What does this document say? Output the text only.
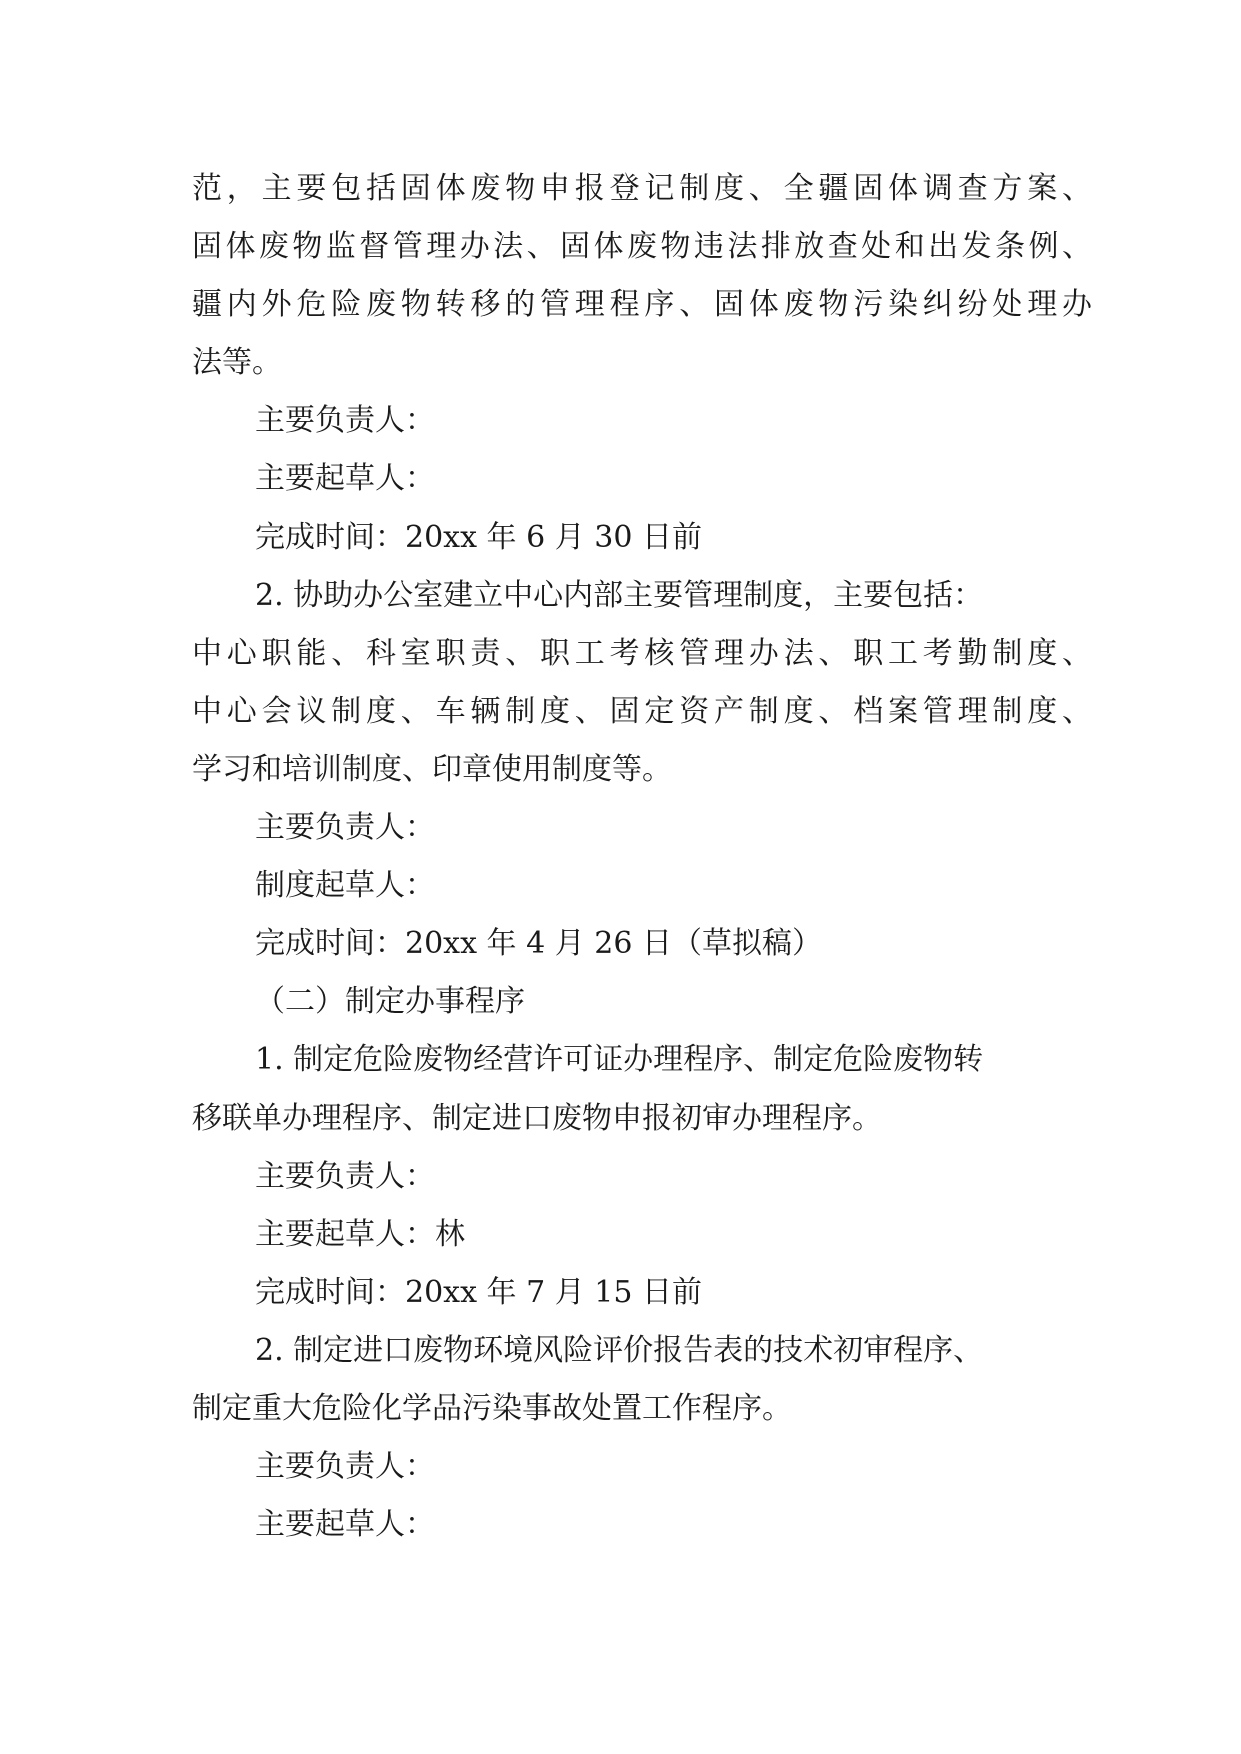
范，主要包括固体废物申报登记制度、全疆固体调查方案、

固体废物监督管理办法、固体废物违法排放查处和出发条例、

疆内外危险废物转移的管理程序、固体废物污染纠纷处理办

法等。

主要负责人：

主要起草人：

完成时间：20xx 年 6 月 30 日前

2. 协助办公室建立中心内部主要管理制度，主要包括：

中心职能、科室职责、职工考核管理办法、职工考勤制度、

中心会议制度、车辆制度、固定资产制度、档案管理制度、

学习和培训制度、印章使用制度等。

主要负责人：

制度起草人：

完成时间：20xx 年 4 月 26 日（草拟稿）

（二）制定办事程序

1. 制定危险废物经营许可证办理程序、制定危险废物转

移联单办理程序、制定进口废物申报初审办理程序。

主要负责人：

主要起草人：林

完成时间：20xx 年 7 月 15 日前

2. 制定进口废物环境风险评价报告表的技术初审程序、

制定重大危险化学品污染事故处置工作程序。

主要负责人：

主要起草人：
